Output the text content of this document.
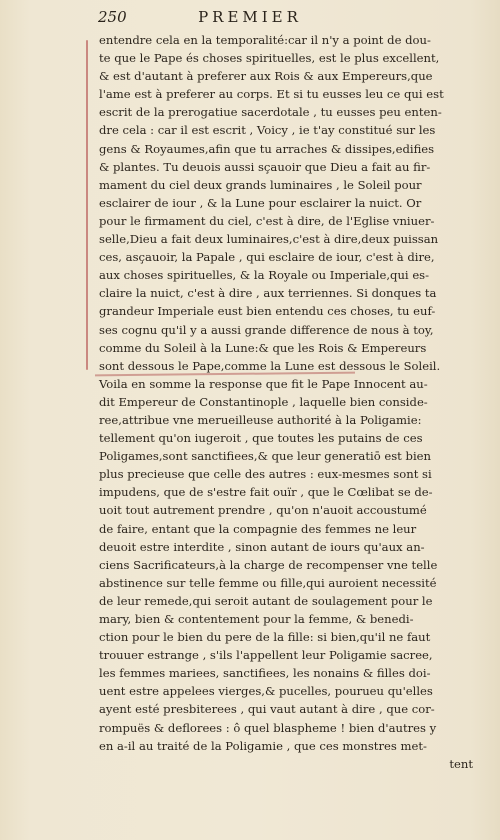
250	PREMIER
entendre cela en la temporalité:car il n'y a point de dou-
te que le Pape és choses spirituelles, est le plus excellent,
& est d'autant à preferer aux Rois & aux Empereurs,que
l'ame est à preferer au corps. Et si tu eusses leu ce qui est
escrit de la prerogatiue sacerdotale , tu eusses peu enten-
dre cela : car il est escrit , Voicy , ie t'ay constitué sur les
gens & Royaumes,afin que tu arraches & dissipes,edifies
& plantes. Tu deuois aussi sçauoir que Dieu a fait au fir-
mament du ciel deux grands luminaires , le Soleil pour
esclairer de iour , & la Lune pour esclairer la nuict. Or
pour le firmament du ciel, c'est à dire, de l'Eglise vniuer-
selle,Dieu a fait deux luminaires,c'est à dire,deux puissan
ces, asçauoir, la Papale , qui esclaire de iour, c'est à dire,
aux choses spirituelles, & la Royale ou Imperiale,qui es-
claire la nuict, c'est à dire , aux terriennes. Si donques ta
grandeur Imperiale eust bien entendu ces choses, tu euf-
ses cognu qu'il y a aussi grande difference de nous à toy,
comme du Soleil à la Lune:& que les Rois & Empereurs
sont dessous le Pape,comme la Lune est dessous le Soleil.
Voila en somme la response que fit le Pape Innocent au-
dit Empereur de Constantinople , laquelle bien conside-
ree,attribue vne merueilleuse authorité à la Poligamie:
tellement qu'on iugeroit , que toutes les putains de ces
Poligames,sont sanctifiees,& que leur generatiō est bien
plus precieuse que celle des autres : eux-mesmes sont si
impudens, que de s'estre fait ouïr , que le Cœlibat se de-
uoit tout autrement prendre , qu'on n'auoit accoustumé
de faire, entant que la compagnie des femmes ne leur
deuoit estre interdite , sinon autant de iours qu'aux an-
ciens Sacrificateurs,à la charge de recompenser vne telle
abstinence sur telle femme ou fille,qui auroient necessité
de leur remede,qui seroit autant de soulagement pour le
mary, bien & contentement pour la femme, & benedi-
ction pour le bien du pere de la fille: si bien,qu'il ne faut
trouuer estrange , s'ils l'appellent leur Poligamie sacree,
les femmes mariees, sanctifiees, les nonains & filles doi-
uent estre appelees vierges,& pucelles, pourueu qu'elles
ayent esté presbiterees , qui vaut autant à dire , que cor-
rompuës & deflorees : ô quel blaspheme ! bien d'autres y
en a-il au traité de la Poligamie , que ces monstres met-
tent
